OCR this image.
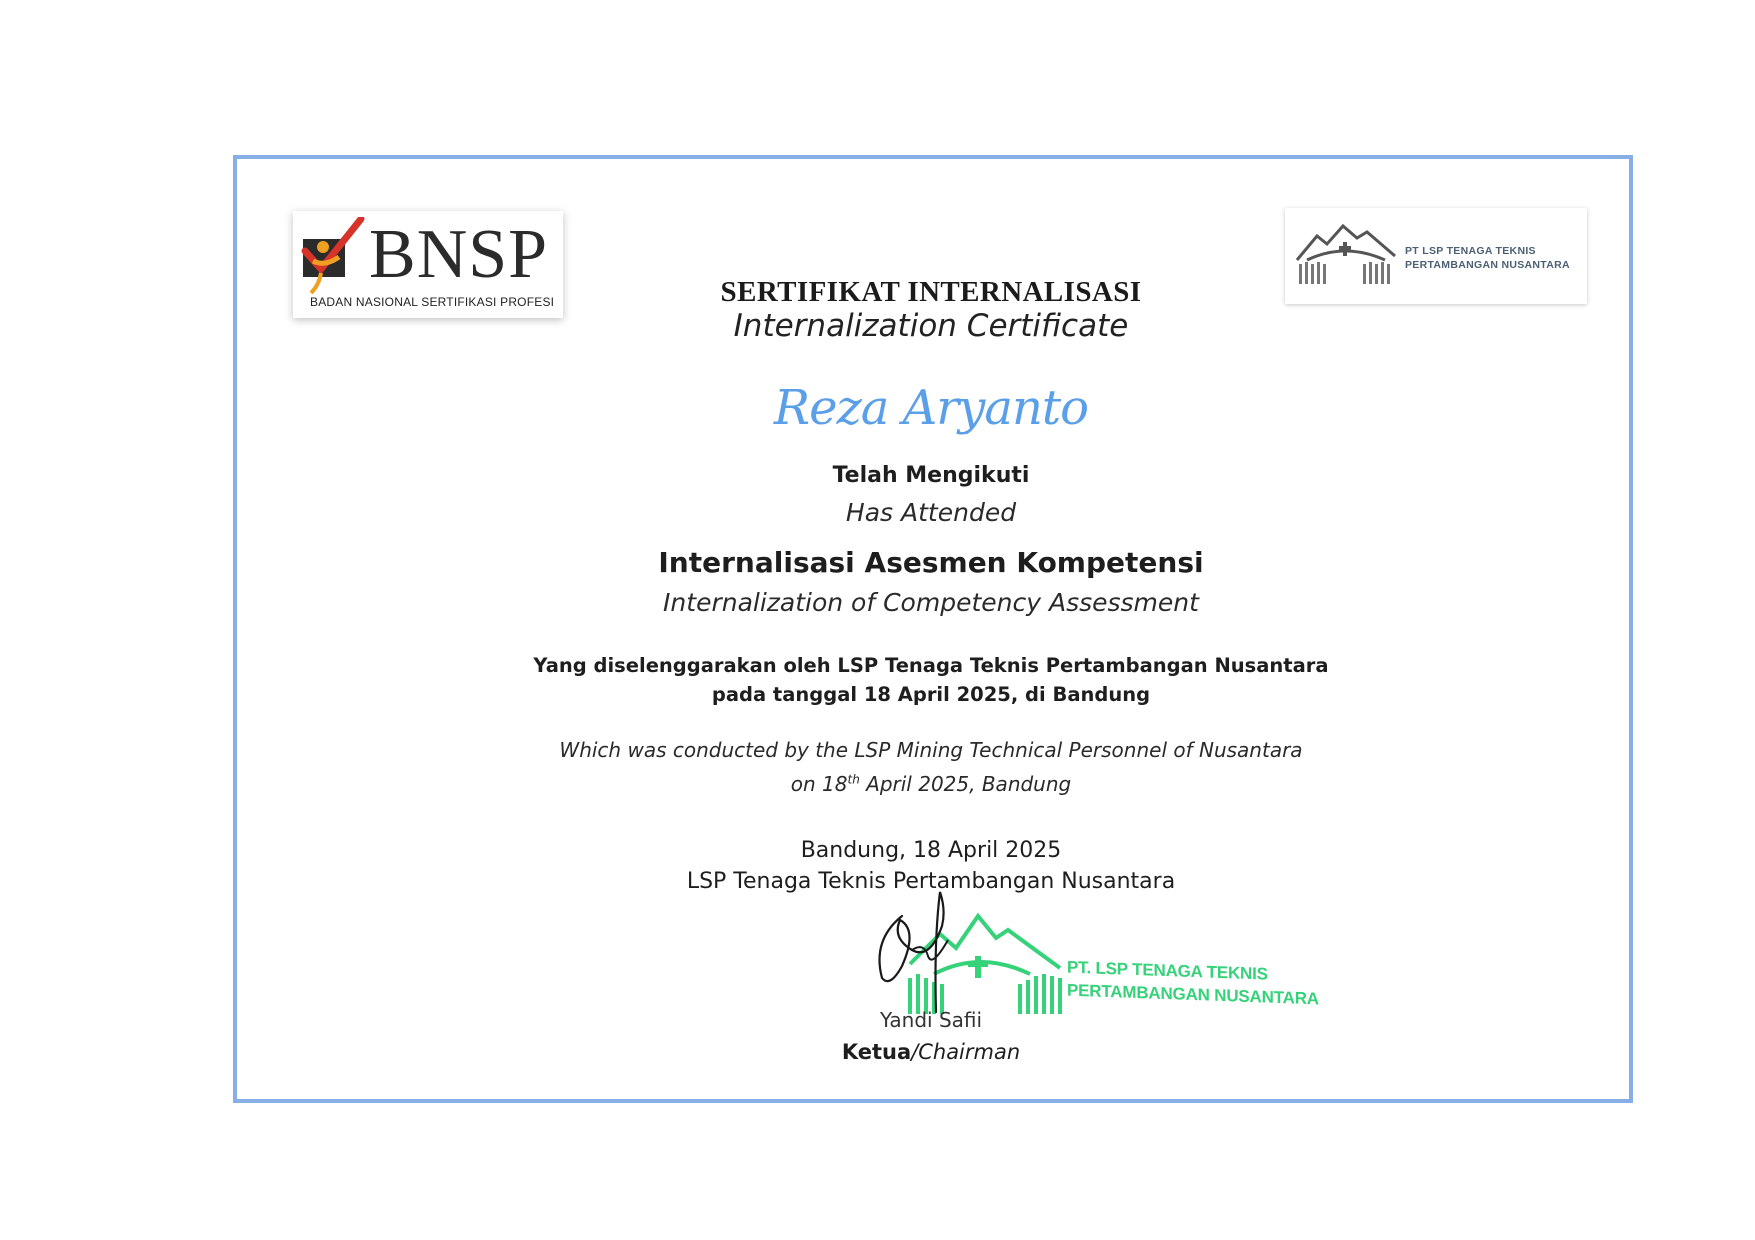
BNSP
BADAN NASIONAL SERTIFIKASI PROFESI
PT LSP TENAGA TEKNIS
PERTAMBANGAN NUSANTARA
SERTIFIKAT INTERNALISASI
Internalization Certificate
Reza Aryanto
Telah Mengikuti
Has Attended
Internalisasi Asesmen Kompetensi
Internalization of Competency Assessment
Yang diselenggarakan oleh LSP Tenaga Teknis Pertambangan Nusantara
pada tanggal 18 April 2025, di Bandung
Which was conducted by the LSP Mining Technical Personnel of Nusantara
on 18th April 2025, Bandung
Bandung, 18 April 2025
LSP Tenaga Teknis Pertambangan Nusantara
PT. LSP TENAGA TEKNIS
PERTAMBANGAN NUSANTARA
Yandi Safii
Ketua/Chairman
